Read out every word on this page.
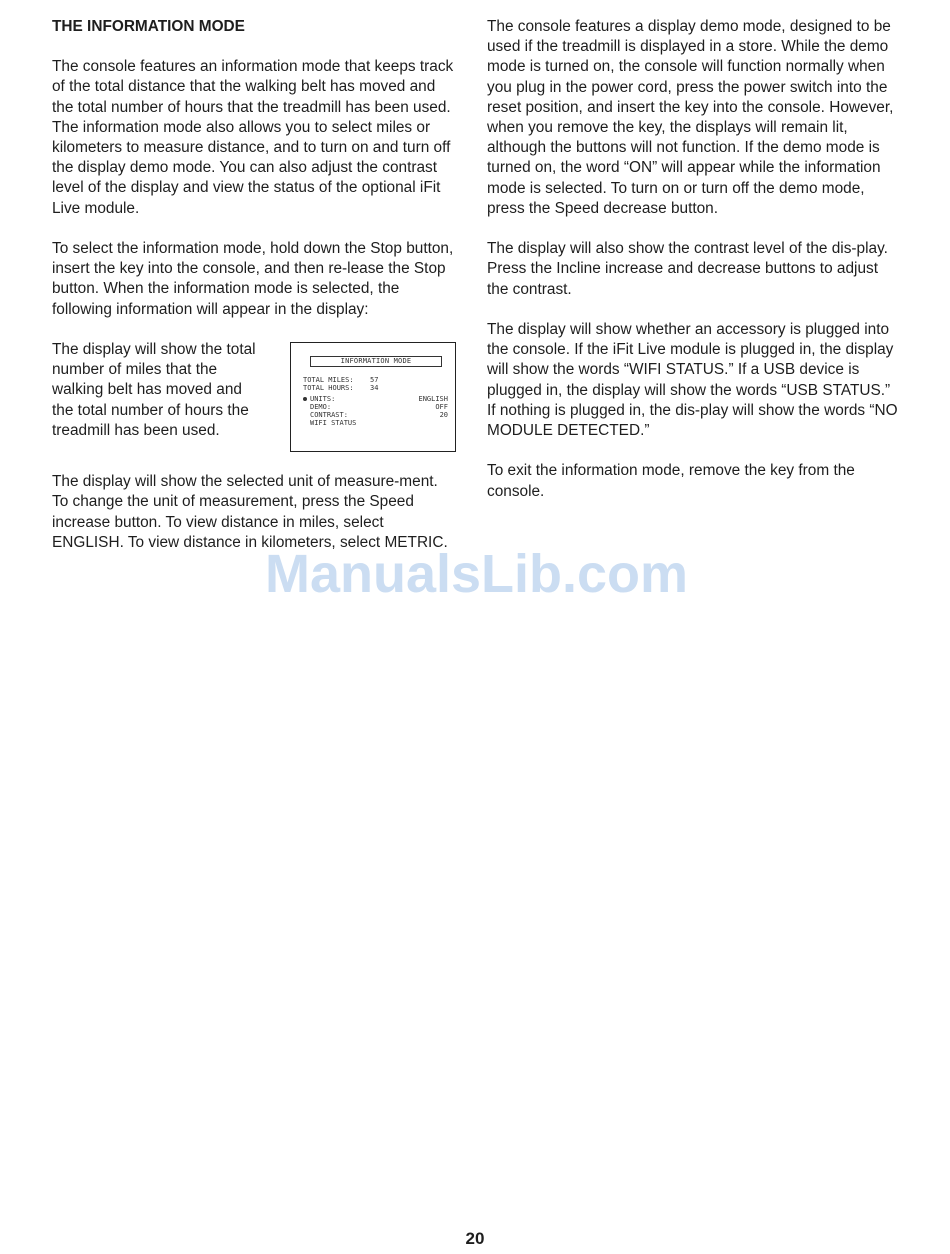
THE INFORMATION MODE

The console features an information mode that keeps track of the total distance that the walking belt has moved and the total number of hours that the treadmill has been used. The information mode also allows you to select miles or kilometers to measure distance, and to turn on and turn off the display demo mode. You can also adjust the contrast level of the display and view the status of the optional iFit Live module.

To select the information mode, hold down the Stop button, insert the key into the console, and then re-lease the Stop button. When the information mode is selected, the following information will appear in the display:

The display will show the total number of miles that the walking belt has moved and the total number of hours the treadmill has been used.

INFORMATION MODE
TOTAL MILES: 57
TOTAL HOURS: 34
UNITS:	ENGLISH
DEMO:	OFF
CONTRAST:	20
WIFI STATUS

The display will show the selected unit of measure-ment. To change the unit of measurement, press the Speed increase button. To view distance in miles, select ENGLISH. To view distance in kilometers, select METRIC.

The console features a display demo mode, designed to be used if the treadmill is displayed in a store. While the demo mode is turned on, the console will function normally when you plug in the power cord, press the power switch into the reset position, and insert the key into the console. However, when you remove the key, the displays will remain lit, although the buttons will not function. If the demo mode is turned on, the word “ON” will appear while the information mode is selected. To turn on or turn off the demo mode, press the Speed decrease button.

The display will also show the contrast level of the dis-play. Press the Incline increase and decrease buttons to adjust the contrast.

The display will show whether an accessory is plugged into the console. If the iFit Live module is plugged in, the display will show the words “WIFI STATUS.” If a USB device is plugged in, the display will show the words “USB STATUS.” If nothing is plugged in, the dis-play will show the words “NO MODULE DETECTED.”

To exit the information mode, remove the key from the console.

ManualsLib.com
20
